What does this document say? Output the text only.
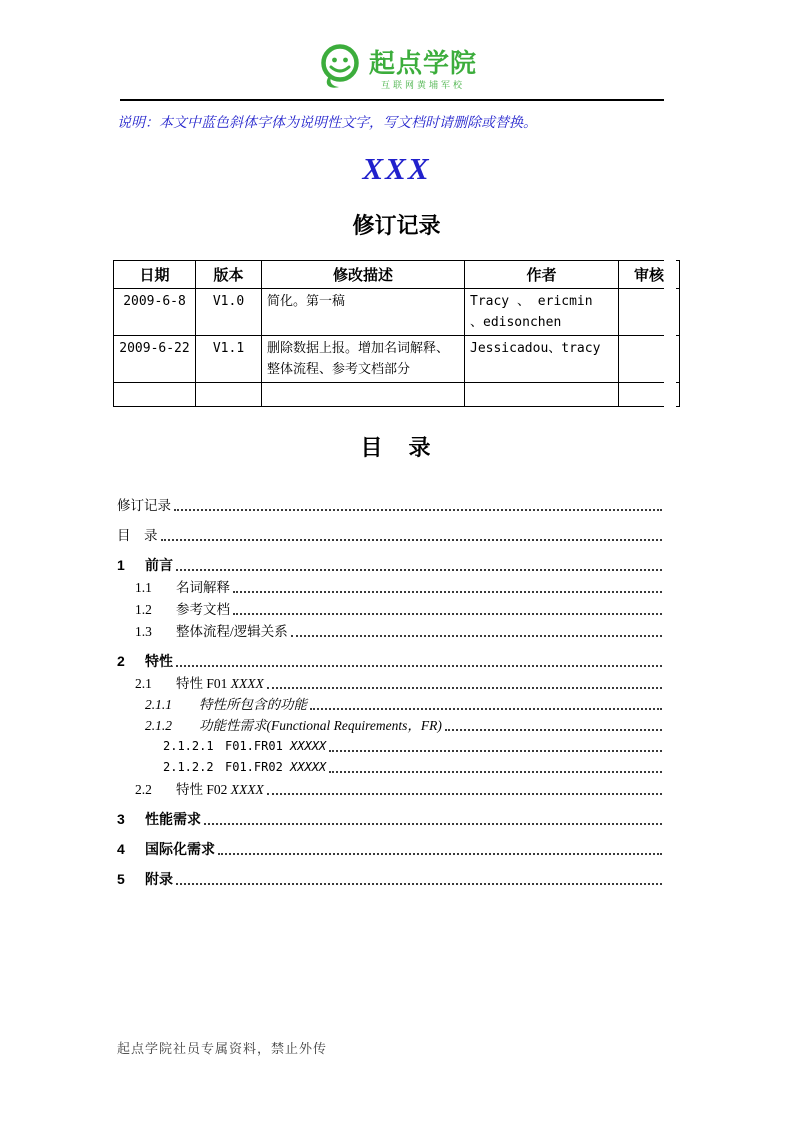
起点学院
互联网黄埔军校

说明：本文中蓝色斜体字体为说明性文字，写文档时请删除或替换。

XXX
修订记录
日期	版本	修改描述	作者	审核
2009-6-8	V1.0	简化。第一稿	Tracy 、 ericmin 、edisonchen	
2009-6-22	V1.1	删除数据上报。增加名词解释、整体流程、参考文档部分	Jessicadou、tracy	

目　录
修订记录
目　录
1	前言
1.1	名词解释
1.2	参考文档
1.3	整体流程/逻辑关系
2	特性
2.1	特性 F01 XXXX
2.1.1	特性所包含的功能
2.1.2	功能性需求(Functional Requirements，FR)
2.1.2.1 F01.FR01 XXXXX
2.1.2.2 F01.FR02 XXXXX
2.2	特性 F02 XXXX
3	性能需求
4	国际化需求
5	附录
起点学院社员专属资料，禁止外传
